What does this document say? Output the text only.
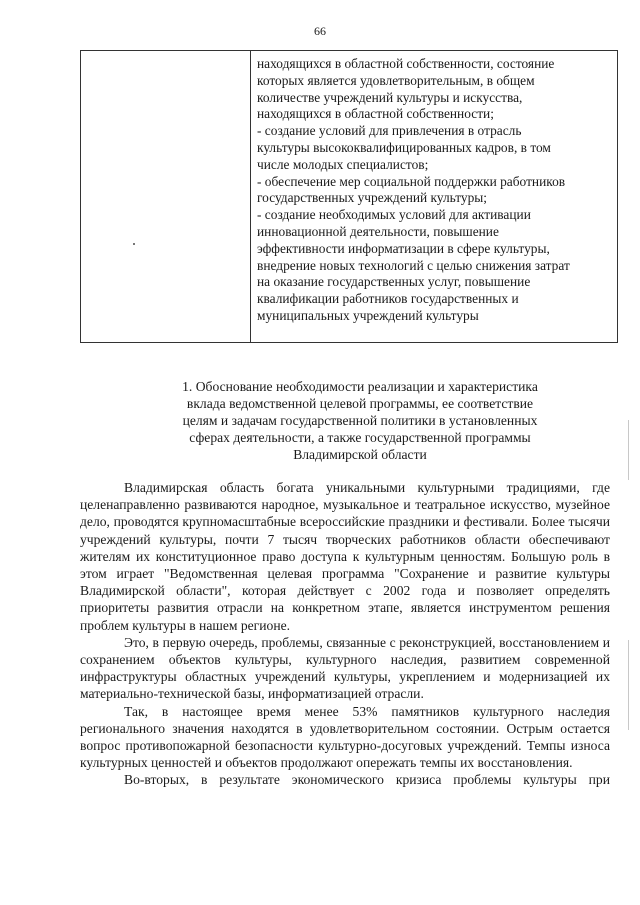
66
находящихся в областной собственности, состояние
которых является удовлетворительным, в общем
количестве учреждений культуры и искусства,
находящихся в областной собственности;
- создание условий для привлечения в отрасль
культуры высококвалифицированных кадров, в том
числе молодых специалистов;
- обеспечение мер социальной поддержки работников
государственных учреждений культуры;
- создание необходимых условий для активации
инновационной деятельности, повышение
эффективности информатизации в сфере культуры,
внедрение новых технологий с целью снижения затрат
на оказание государственных услуг, повышение
квалификации работников государственных и
муниципальных учреждений культуры
1. Обоснование необходимости реализации и характеристика
вклада ведомственной целевой программы, ее соответствие
целям и задачам государственной политики в установленных
сферах деятельности, а также государственной программы
Владимирской области

Владимирская область богата уникальными культурными традициями, где целенаправленно развиваются народное, музыкальное и театральное искусство, музейное дело, проводятся крупномасштабные всероссийские праздники и фестивали. Более тысячи учреждений культуры, почти 7 тысяч творческих работников области обеспечивают жителям их конституционное право доступа к культурным ценностям. Большую роль в этом играет "Ведомственная целевая программа "Сохранение и развитие культуры Владимирской области", которая действует с 2002 года и позволяет определять приоритеты развития отрасли на конкретном этапе, является инструментом решения проблем культуры в нашем регионе.

Это, в первую очередь, проблемы, связанные с реконструкцией, восстановлением и сохранением объектов культуры, культурного наследия, развитием современной инфраструктуры областных учреждений культуры, укреплением и модернизацией их материально-технической базы, информатизацией отрасли.

Так, в настоящее время менее 53% памятников культурного наследия регионального значения находятся в удовлетворительном состоянии. Острым остается вопрос противопожарной безопасности культурно-досуговых учреждений. Темпы износа культурных ценностей и объектов продолжают опережать темпы их восстановления.

Во-вторых, в результате экономического кризиса проблемы культуры при
